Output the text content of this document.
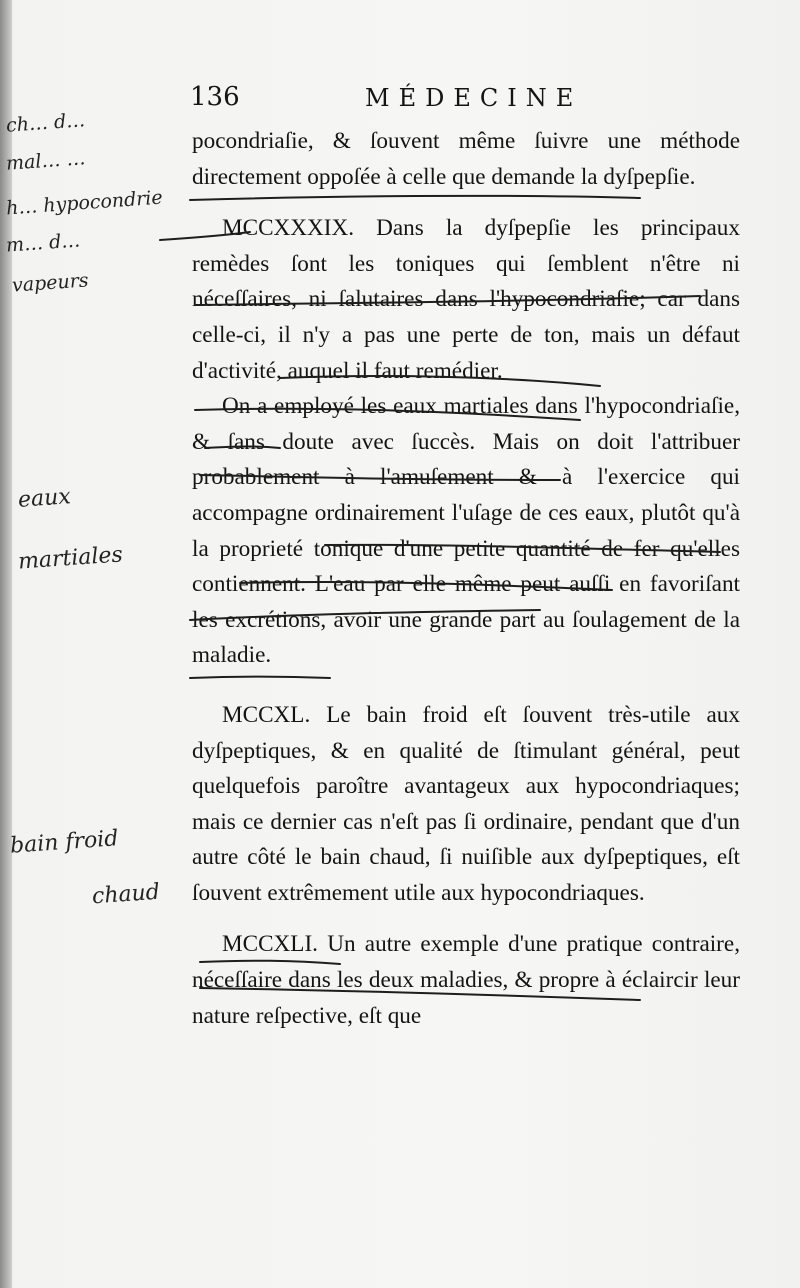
136	MÉDECINE

pocondriaſie, & ſouvent même ſuivre une méthode directement oppoſée à celle que demande la dyſpepſie.

MCCXXXIX. Dans la dyſpepſie les principaux remèdes ſont les toniques qui ſemblent n'être ni néceſſaires, ni ſalutaires dans l'hypocondriaſie; car dans celle-ci, il n'y a pas une perte de ton, mais un défaut d'activité, auquel il faut remédier.

On a employé les eaux martiales dans l'hypocondriaſie, & ſans doute avec ſuccès. Mais on doit l'attribuer probablement à l'amuſement & à l'exercice qui accompagne ordinairement l'uſage de ces eaux, plutôt qu'à la proprieté tonique d'une petite quantité de fer qu'elles contiennent. L'eau par elle même peut auſſi en favoriſant les excrétions, avoir une grande part au ſoulagement de la maladie.

MCCXL. Le bain froid eſt ſouvent très-utile aux dyſpeptiques, & en qualité de ſtimulant général, peut quelquefois paroître avantageux aux hypocondriaques; mais ce dernier cas n'eſt pas ſi ordinaire, pendant que d'un autre côté le bain chaud, ſi nuiſible aux dyſpeptiques, eſt ſouvent extrêmement utile aux hypocondriaques.

MCCXLI. Un autre exemple d'une pratique contraire, néceſſaire dans les deux maladies, & propre à éclaircir leur nature reſpective, eſt que

ch… d…
mal… …
h… hypocondrie
m… d…
vapeurs
eaux
martiales
bain froid
chaud
